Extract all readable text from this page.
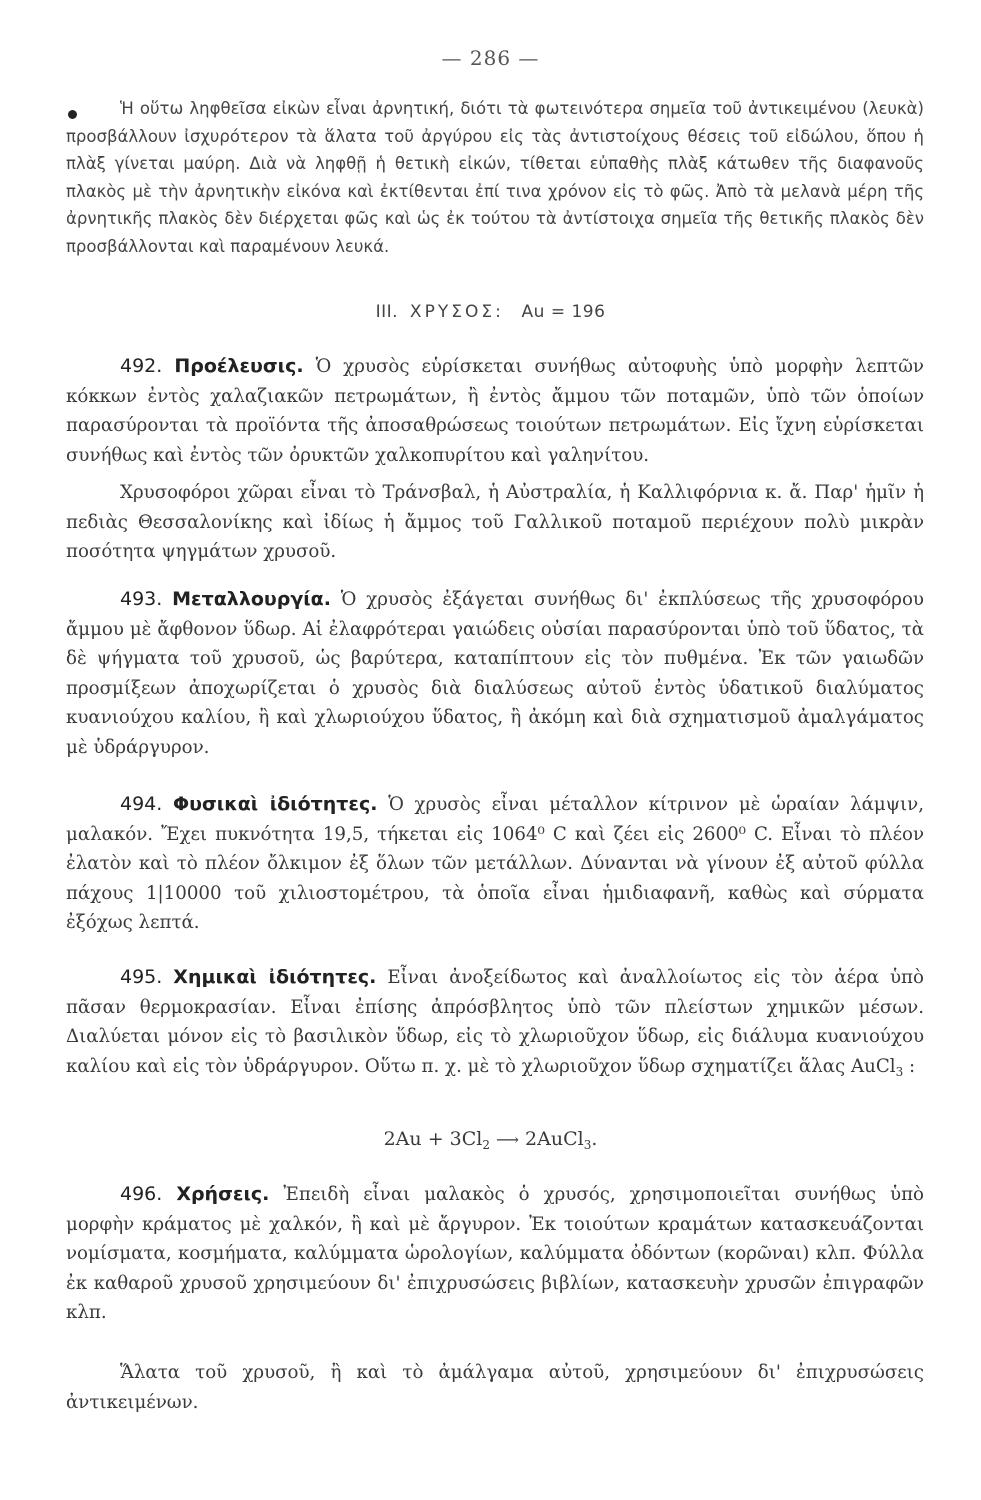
— 286 —

Ἡ οὕτω ληφθεῖσα εἰκὼν εἶναι ἀρνητική, διότι τὰ φωτεινότερα σημεῖα τοῦ ἀντικειμένου (λευκὰ) προσβάλλουν ἰσχυρότερον τὰ ἅλατα τοῦ ἀργύρου εἰς τὰς ἀντιστοίχους θέσεις τοῦ εἰδώλου, ὅπου ἡ πλὰξ γίνεται μαύρη. Διὰ νὰ ληφθῇ ἡ θετικὴ εἰκών, τίθεται εὐπαθὴς πλὰξ κάτωθεν τῆς διαφανοῦς πλακὸς μὲ τὴν ἀρνητικὴν εἰκόνα καὶ ἐκτίθενται ἐπί τινα χρόνον εἰς τὸ φῶς. Ἀπὸ τὰ μελανὰ μέρη τῆς ἀρνητικῆς πλακὸς δὲν διέρχεται φῶς καὶ ὡς ἐκ τούτου τὰ ἀντίστοιχα σημεῖα τῆς θετικῆς πλακὸς δὲν προσβάλλονται καὶ παραμένουν λευκά.

III. ΧΡΥΣΟΣ: Au = 196

492. Προέλευσις. Ὁ χρυσὸς εὑρίσκεται συνήθως αὐτοφυὴς ὑπὸ μορφὴν λεπτῶν κόκκων ἐντὸς χαλαζιακῶν πετρωμάτων, ἢ ἐντὸς ἄμμου τῶν ποταμῶν, ὑπὸ τῶν ὁποίων παρασύρονται τὰ προϊόντα τῆς ἀποσαθρώσεως τοιούτων πετρωμάτων. Εἰς ἴχνη εὑρίσκεται συνήθως καὶ ἐντὸς τῶν ὀρυκτῶν χαλκοπυρίτου καὶ γαληνίτου.

Χρυσοφόροι χῶραι εἶναι τὸ Τράνσβαλ, ἡ Αὐστραλία, ἡ Καλλιφόρνια κ. ἄ. Παρ' ἡμῖν ἡ πεδιὰς Θεσσαλονίκης καὶ ἰδίως ἡ ἄμμος τοῦ Γαλλικοῦ ποταμοῦ περιέχουν πολὺ μικρὰν ποσότητα ψηγμάτων χρυσοῦ.

493. Μεταλλουργία. Ὁ χρυσὸς ἐξάγεται συνήθως δι' ἐκπλύσεως τῆς χρυσοφόρου ἄμμου μὲ ἄφθονον ὕδωρ. Αἱ ἐλαφρότεραι γαιώδεις οὐσίαι παρασύρονται ὑπὸ τοῦ ὕδατος, τὰ δὲ ψήγματα τοῦ χρυσοῦ, ὡς βαρύτερα, καταπίπτουν εἰς τὸν πυθμένα. Ἐκ τῶν γαιωδῶν προσμίξεων ἀποχωρίζεται ὁ χρυσὸς διὰ διαλύσεως αὐτοῦ ἐντὸς ὑδατικοῦ διαλύματος κυανιούχου καλίου, ἢ καὶ χλωριούχου ὕδατος, ἢ ἀκόμη καὶ διὰ σχηματισμοῦ ἀμαλγάματος μὲ ὑδράργυρον.

494. Φυσικαὶ ἰδιότητες. Ὁ χρυσὸς εἶναι μέταλλον κίτρινον μὲ ὡραίαν λάμψιν, μαλακόν. Ἔχει πυκνότητα 19,5, τήκεται εἰς 1064⁰ C καὶ ζέει εἰς 2600⁰ C. Εἶναι τὸ πλέον ἐλατὸν καὶ τὸ πλέον ὄλκιμον ἐξ ὅλων τῶν μετάλλων. Δύνανται νὰ γίνουν ἐξ αὐτοῦ φύλλα πάχους 1|10000 τοῦ χιλιοστομέτρου, τὰ ὁποῖα εἶναι ἡμιδιαφανῆ, καθὼς καὶ σύρματα ἐξόχως λεπτά.

495. Χημικαὶ ἰδιότητες. Εἶναι ἀνοξείδωτος καὶ ἀναλλοίωτος εἰς τὸν ἀέρα ὑπὸ πᾶσαν θερμοκρασίαν. Εἶναι ἐπίσης ἀπρόσβλητος ὑπὸ τῶν πλείστων χημικῶν μέσων. Διαλύεται μόνον εἰς τὸ βασιλικὸν ὕδωρ, εἰς τὸ χλωριοῦχον ὕδωρ, εἰς διάλυμα κυανιούχου καλίου καὶ εἰς τὸν ὑδράργυρον. Οὕτω π. χ. μὲ τὸ χλωριοῦχον ὕδωρ σχηματίζει ἅλας AuCl$_3$ :

$2Au + 3Cl_2$ ⟶ 2AuCl$_3$.

496. Χρήσεις. Ἐπειδὴ εἶναι μαλακὸς ὁ χρυσός, χρησιμοποιεῖται συνήθως ὑπὸ μορφὴν κράματος μὲ χαλκόν, ἢ καὶ μὲ ἄργυρον. Ἐκ τοιούτων κραμάτων κατασκευάζονται νομίσματα, κοσμήματα, καλύμματα ὡρολογίων, καλύμματα ὀδόντων (κορῶναι) κλπ. Φύλλα ἐκ καθαροῦ χρυσοῦ χρησιμεύουν δι' ἐπιχρυσώσεις βιβλίων, κατασκευὴν χρυσῶν ἐπιγραφῶν κλπ.

Ἅλατα τοῦ χρυσοῦ, ἢ καὶ τὸ ἀμάλγαμα αὐτοῦ, χρησιμεύουν δι' ἐπιχρυσώσεις ἀντικειμένων.
